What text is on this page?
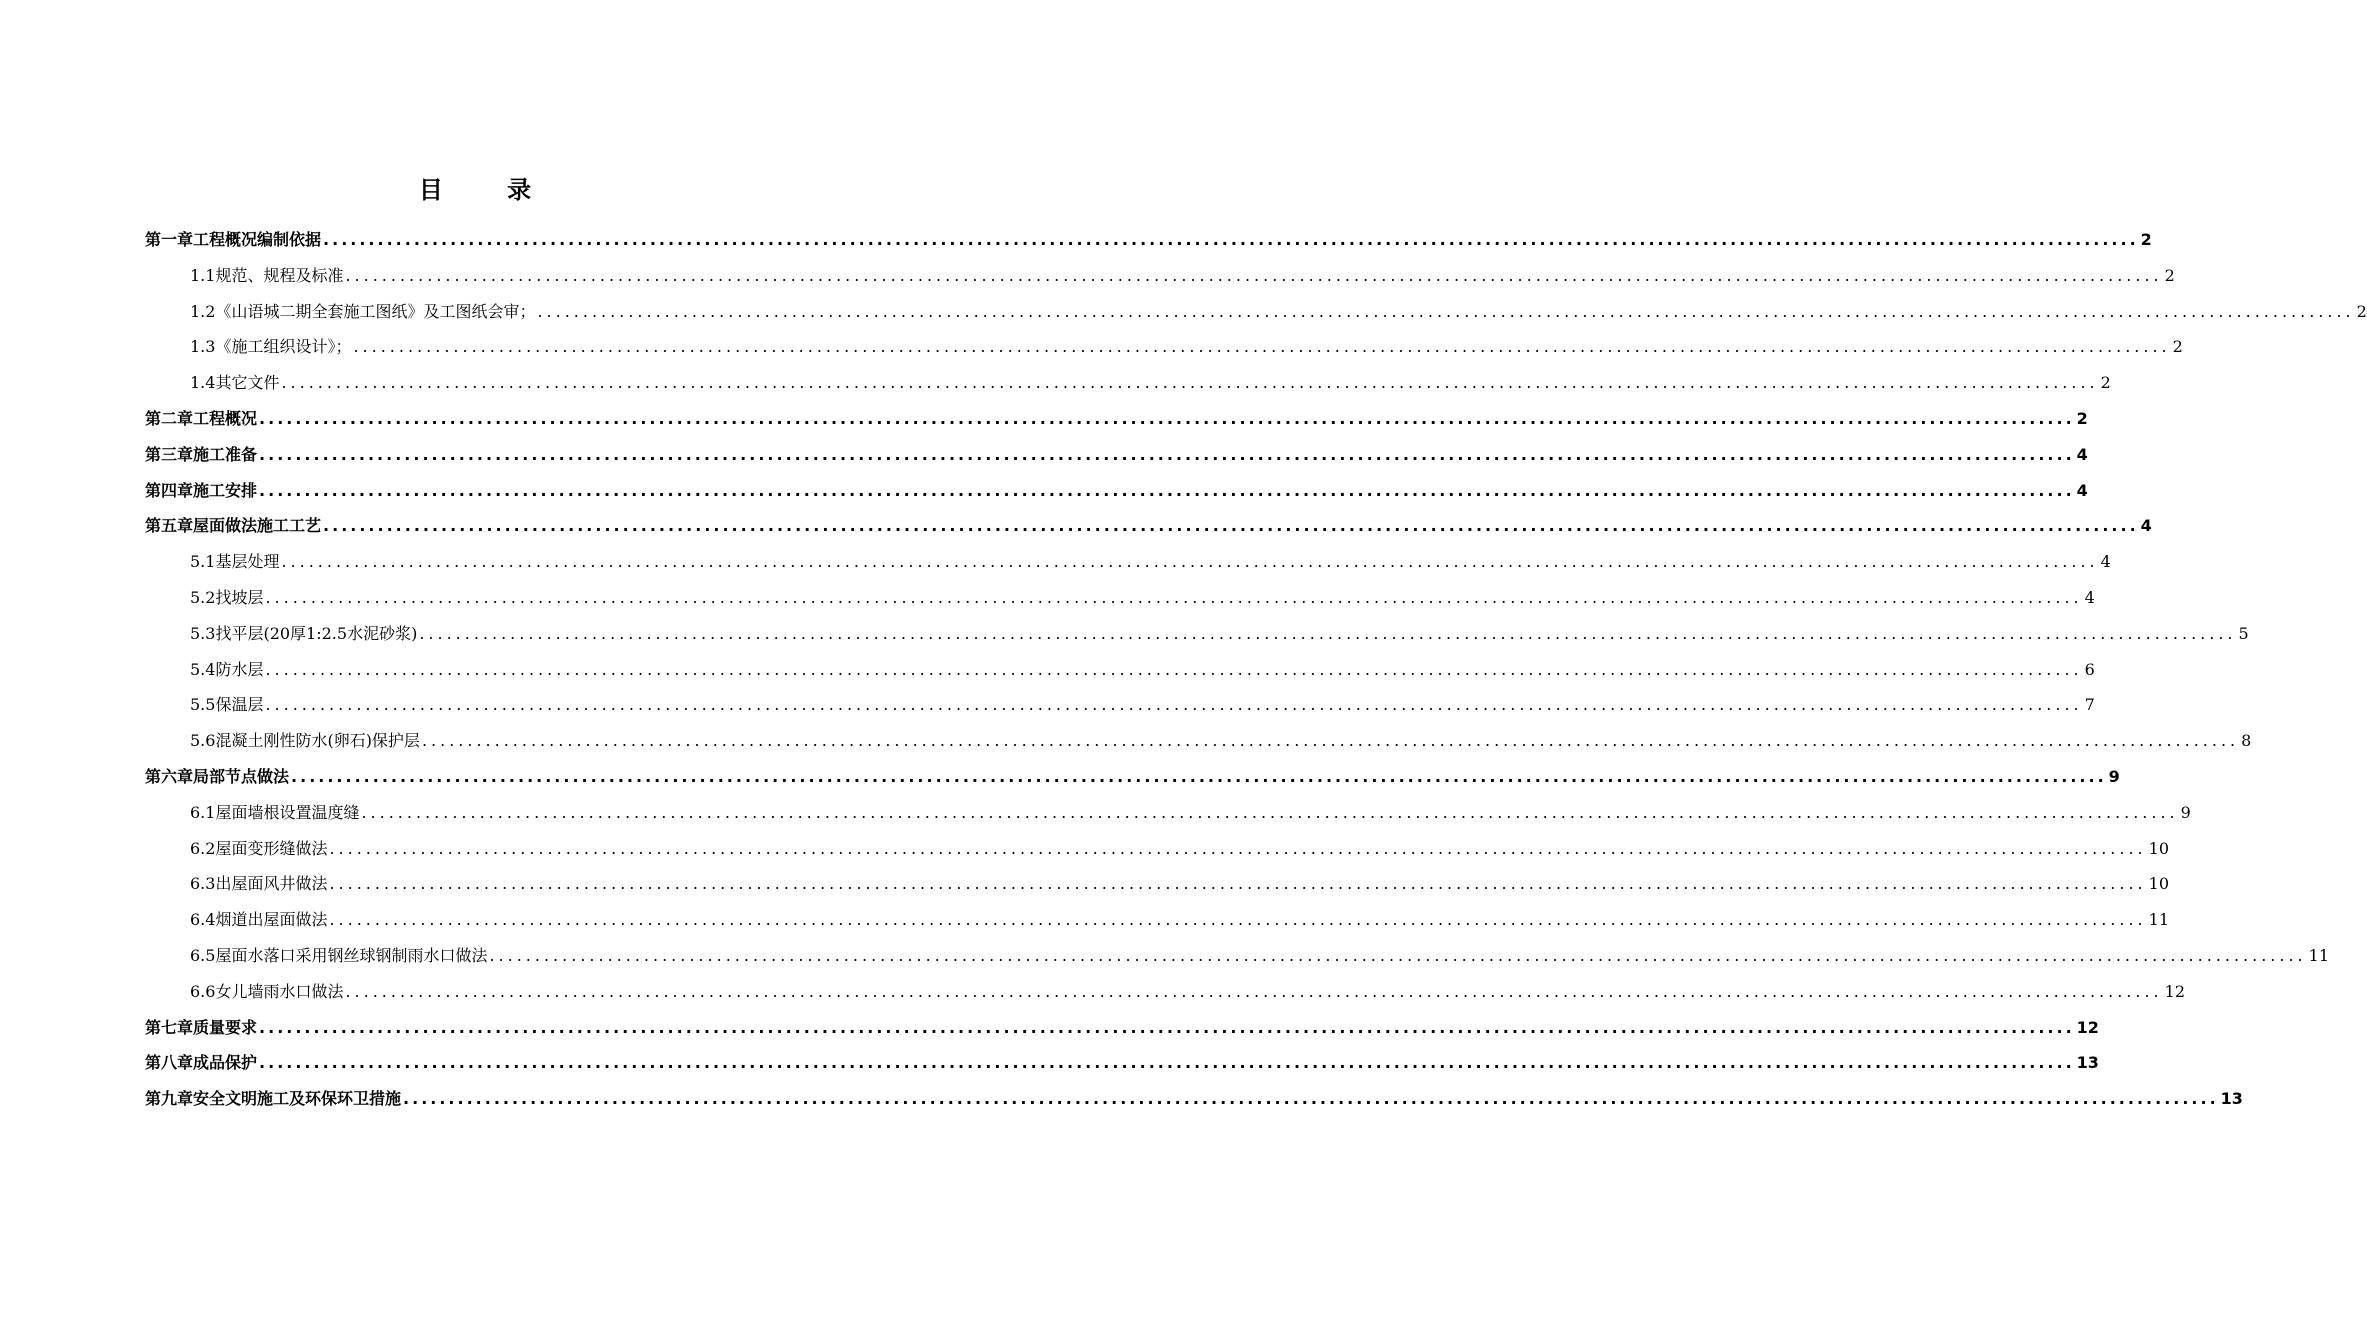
目 录
第一章 工程概况编制依据 ........................................................................................................................................................................................................ 2
1.1规范、规程及标准 ........................................................................................................................................................................................................ 2
1.2《山语城二期全套施工图纸》及工图纸会审； ........................................................................................................................................................................................................ 2
1.3《施工组织设计》； ........................................................................................................................................................................................................ 2
1.4其它文件 ........................................................................................................................................................................................................ 2
第二章 工程概况 ........................................................................................................................................................................................................ 2
第三章 施工准备 ........................................................................................................................................................................................................ 4
第四章 施工安排 ........................................................................................................................................................................................................ 4
第五章 屋面做法施工工艺 ........................................................................................................................................................................................................ 4
5.1基层处理 ........................................................................................................................................................................................................ 4
5.2找坡层 ........................................................................................................................................................................................................ 4
5.3找平层(20厚1:2.5水泥砂浆) ........................................................................................................................................................................................................ 5
5.4防水层 ........................................................................................................................................................................................................ 6
5.5保温层 ........................................................................................................................................................................................................ 7
5.6混凝土刚性防水(卵石)保护层 ........................................................................................................................................................................................................ 8
第六章 局部节点做法 ........................................................................................................................................................................................................ 9
6.1屋面墙根设置温度缝 ........................................................................................................................................................................................................ 9
6.2屋面变形缝做法 ........................................................................................................................................................................................................ 10
6.3出屋面风井做法 ........................................................................................................................................................................................................ 10
6.4烟道出屋面做法 ........................................................................................................................................................................................................ 11
6.5屋面水落口采用钢丝球钢制雨水口做法 ........................................................................................................................................................................................................ 11
6.6女儿墙雨水口做法 ........................................................................................................................................................................................................ 12
第七章 质量要求 ........................................................................................................................................................................................................ 12
第八章 成品保护 ........................................................................................................................................................................................................ 13
第九章 安全文明施工及环保环卫措施 ........................................................................................................................................................................................................ 13
